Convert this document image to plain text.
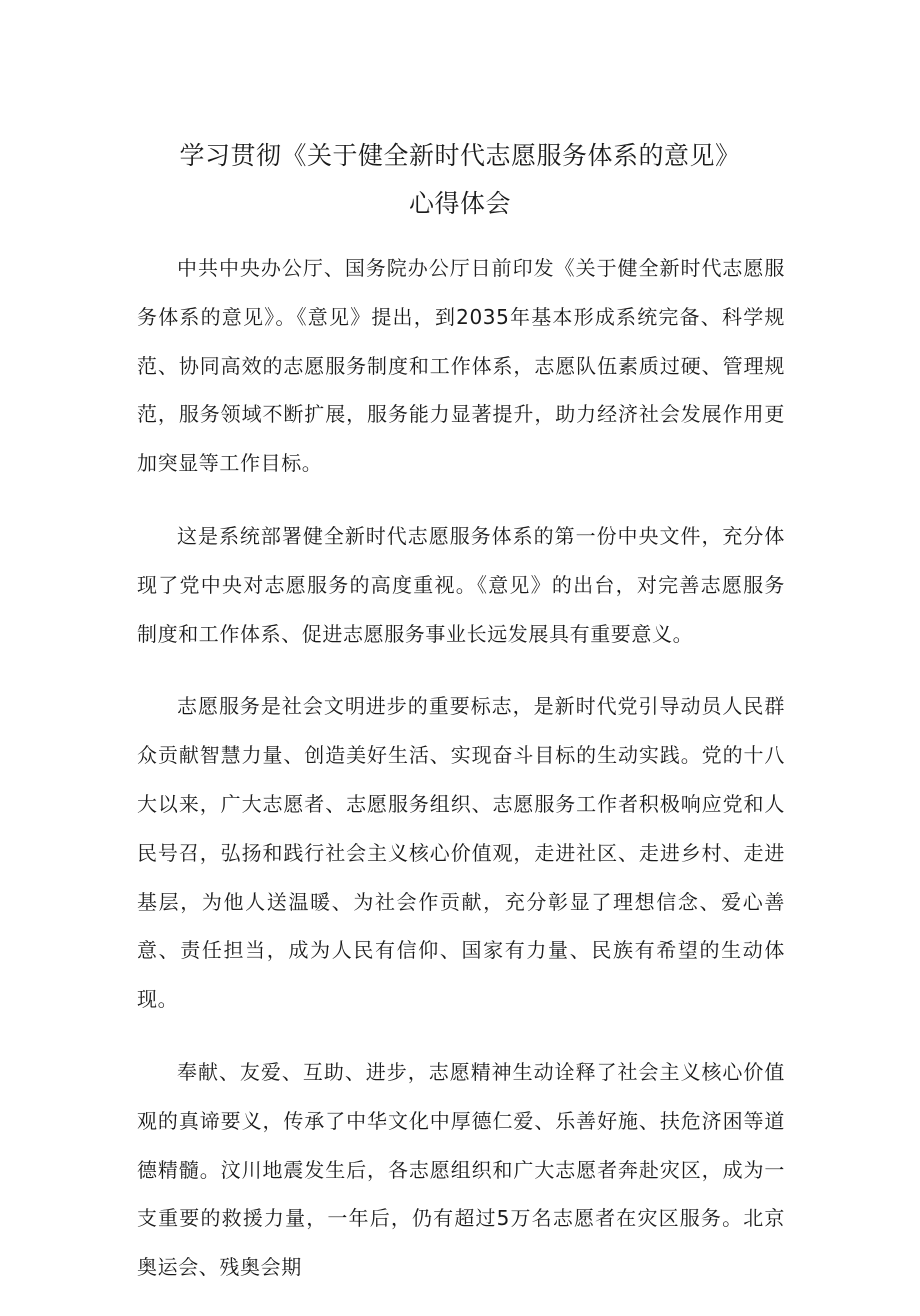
学习贯彻《关于健全新时代志愿服务体系的意见》
心得体会

中共中央办公厅、国务院办公厅日前印发《关于健全新时代志愿服务体系的意见》。《意见》提出，到2035年基本形成系统完备、科学规范、协同高效的志愿服务制度和工作体系，志愿队伍素质过硬、管理规范，服务领域不断扩展，服务能力显著提升，助力经济社会发展作用更加突显等工作目标。

这是系统部署健全新时代志愿服务体系的第一份中央文件，充分体现了党中央对志愿服务的高度重视。《意见》的出台，对完善志愿服务制度和工作体系、促进志愿服务事业长远发展具有重要意义。

志愿服务是社会文明进步的重要标志，是新时代党引导动员人民群众贡献智慧力量、创造美好生活、实现奋斗目标的生动实践。党的十八大以来，广大志愿者、志愿服务组织、志愿服务工作者积极响应党和人民号召，弘扬和践行社会主义核心价值观，走进社区、走进乡村、走进基层，为他人送温暖、为社会作贡献，充分彰显了理想信念、爱心善意、责任担当，成为人民有信仰、国家有力量、民族有希望的生动体现。

奉献、友爱、互助、进步，志愿精神生动诠释了社会主义核心价值观的真谛要义，传承了中华文化中厚德仁爱、乐善好施、扶危济困等道德精髓。汶川地震发生后，各志愿组织和广大志愿者奔赴灾区，成为一支重要的救援力量，一年后，仍有超过5万名志愿者在灾区服务。北京奥运会、残奥会期
